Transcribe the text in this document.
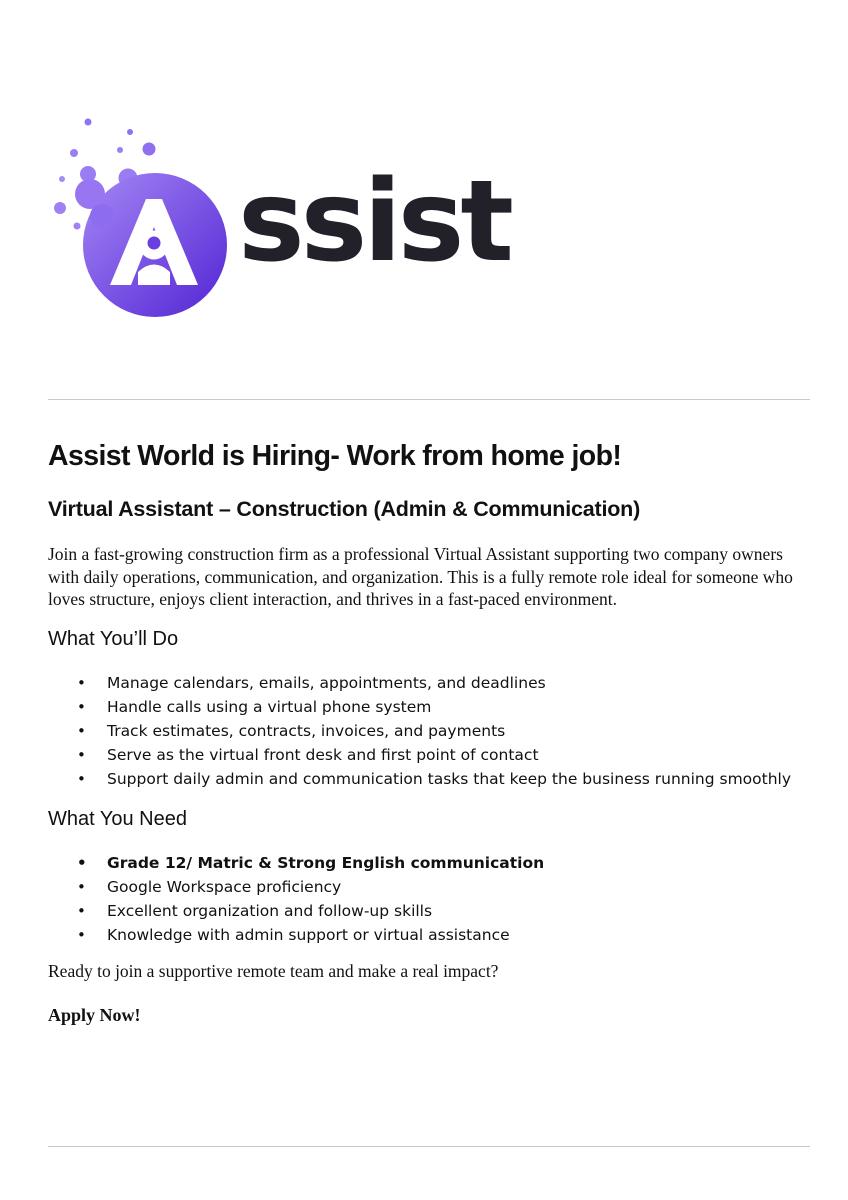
ssist
Assist World is Hiring- Work from home job!
Virtual Assistant – Construction (Admin & Communication)

Join a fast-growing construction firm as a professional Virtual Assistant supporting two company owners with daily operations, communication, and organization. This is a fully remote role ideal for someone who loves structure, enjoys client interaction, and thrives in a fast-paced environment.

What You’ll Do
• Manage calendars, emails, appointments, and deadlines
• Handle calls using a virtual phone system
• Track estimates, contracts, invoices, and payments
• Serve as the virtual front desk and first point of contact
• Support daily admin and communication tasks that keep the business running smoothly
What You Need
• Grade 12/ Matric & Strong English communication
• Google Workspace proficiency
• Excellent organization and follow-up skills
• Knowledge with admin support or virtual assistance

Ready to join a supportive remote team and make a real impact?

Apply Now!
